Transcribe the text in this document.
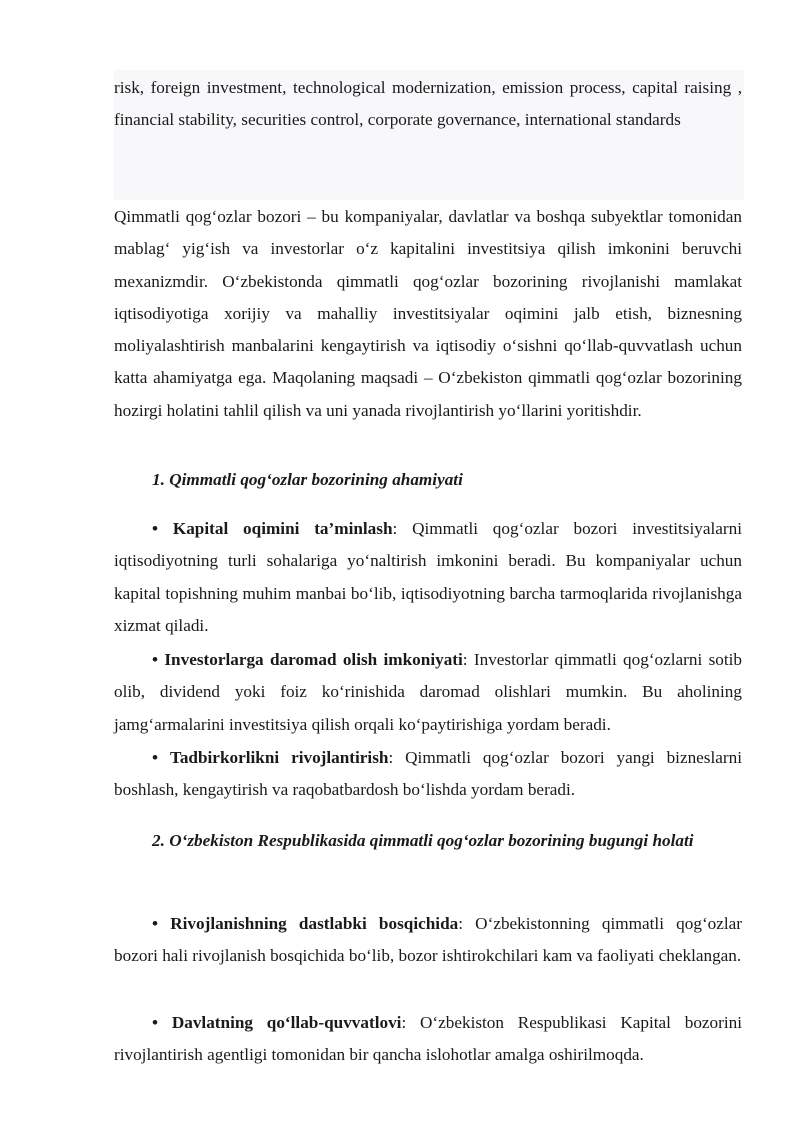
risk, foreign investment, technological modernization, emission process, capital raising , financial stability, securities control, corporate governance, international standards

Qimmatli qog‘ozlar bozori – bu kompaniyalar, davlatlar va boshqa subyektlar tomonidan mablag‘ yig‘ish va investorlar o‘z kapitalini investitsiya qilish imkonini beruvchi mexanizmdir. O‘zbekistonda qimmatli qog‘ozlar bozorining rivojlanishi mamlakat iqtisodiyotiga xorijiy va mahalliy investitsiyalar oqimini jalb etish, biznesning moliyalashtirish manbalarini kengaytirish va iqtisodiy o‘sishni qo‘llab-quvvatlash uchun katta ahamiyatga ega. Maqolaning maqsadi – O‘zbekiston qimmatli qog‘ozlar bozorining hozirgi holatini tahlil qilish va uni yanada rivojlantirish yo‘llarini yoritishdir.

1. Qimmatli qog‘ozlar bozorining ahamiyati

• Kapital oqimini ta’minlash: Qimmatli qog‘ozlar bozori investitsiyalarni iqtisodiyotning turli sohalariga yo‘naltirish imkonini beradi. Bu kompaniyalar uchun kapital topishning muhim manbai bo‘lib, iqtisodiyotning barcha tarmoqlarida rivojlanishga xizmat qiladi.

• Investorlarga daromad olish imkoniyati: Investorlar qimmatli qog‘ozlarni sotib olib, dividend yoki foiz ko‘rinishida daromad olishlari mumkin. Bu aholining jamg‘armalarini investitsiya qilish orqali ko‘paytirishiga yordam beradi.

• Tadbirkorlikni rivojlantirish: Qimmatli qog‘ozlar bozori yangi bizneslarni boshlash, kengaytirish va raqobatbardosh bo‘lishda yordam beradi.

2. O‘zbekiston Respublikasida qimmatli qog‘ozlar bozorining bugungi holati

• Rivojlanishning dastlabki bosqichida: O‘zbekistonning qimmatli qog‘ozlar bozori hali rivojlanish bosqichida bo‘lib, bozor ishtirokchilari kam va faoliyati cheklangan.

• Davlatning qo‘llab-quvvatlovi: O‘zbekiston Respublikasi Kapital bozorini rivojlantirish agentligi tomonidan bir qancha islohotlar amalga oshirilmoqda.
